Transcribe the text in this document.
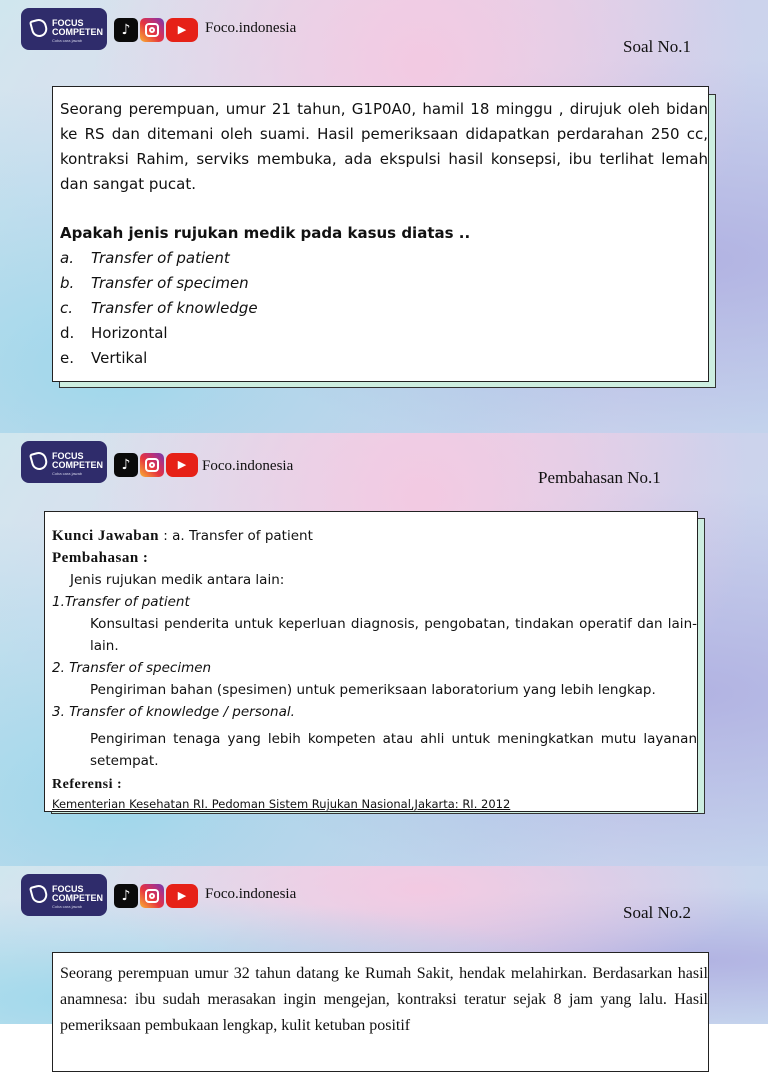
FOCUS
COMPETEN
Coba cara jawab
♪	▶	Foco.indonesia
Soal No.1

Seorang perempuan, umur 21 tahun, G1P0A0, hamil 18 minggu , dirujuk oleh bidan ke RS dan ditemani oleh suami. Hasil pemeriksaan didapatkan perdarahan 250 cc, kontraksi Rahim, serviks membuka, ada ekspulsi hasil konsepsi, ibu terlihat lemah dan sangat pucat.

Apakah jenis rujukan medik pada kasus diatas ..
a.	Transfer of patient
b.	Transfer of specimen
c.	Transfer of knowledge
d.	Horizontal
e.	Vertikal
FOCUS
COMPETEN
Coba cara jawab
♪	▶	Foco.indonesia
Pembahasan No.1
Kunci Jawaban : a. Transfer of patient
Pembahasan :
Jenis rujukan medik antara lain:
1.Transfer of patient
Konsultasi penderita untuk keperluan diagnosis, pengobatan, tindakan operatif dan lain-lain.
2. Transfer of specimen
Pengiriman bahan (spesimen) untuk pemeriksaan laboratorium yang lebih lengkap.
3. Transfer of knowledge / personal.
Pengiriman tenaga yang lebih kompeten atau ahli untuk meningkatkan mutu layanan setempat.
Referensi :
Kementerian Kesehatan RI. Pedoman Sistem Rujukan Nasional,Jakarta: RI. 2012
FOCUS
COMPETEN
Coba cara jawab
♪	▶	Foco.indonesia
Soal No.2
Seorang perempuan umur 32 tahun datang ke Rumah Sakit, hendak melahirkan. Berdasarkan hasil anamnesa: ibu sudah merasakan ingin mengejan, kontraksi teratur sejak 8 jam yang lalu. Hasil pemeriksaan pembukaan lengkap, kulit ketuban positif
